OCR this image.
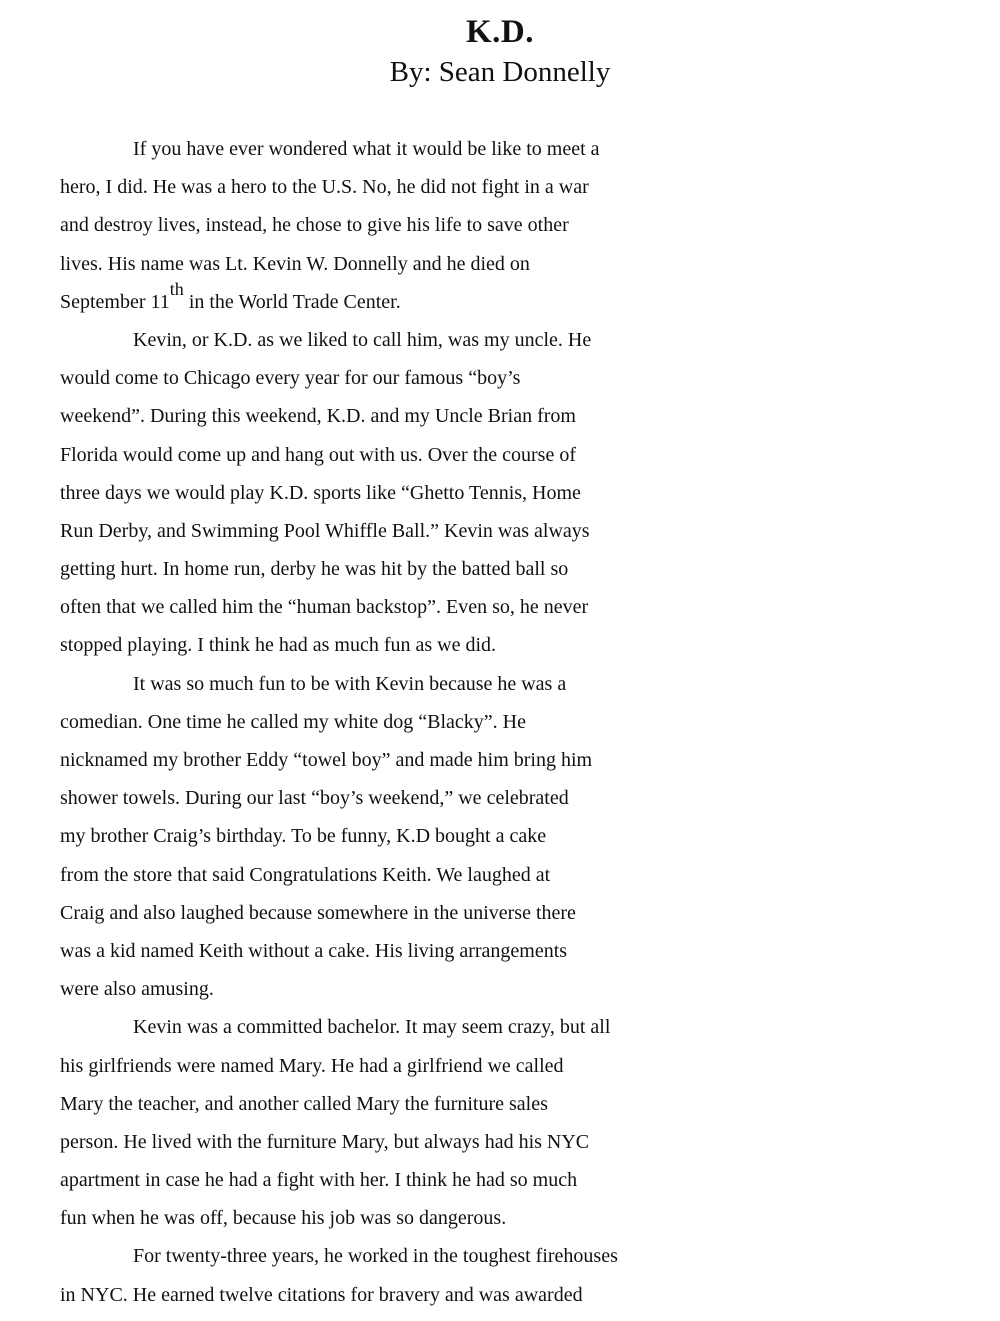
K.D.
By: Sean Donnelly
If you have ever wondered what it would be like to meet a
hero, I did. He was a hero to the U.S. No, he did not fight in a war
and destroy lives, instead, he chose to give his life to save other
lives. His name was Lt. Kevin W. Donnelly and he died on
September 11th in the World Trade Center.
Kevin, or K.D. as we liked to call him, was my uncle. He
would come to Chicago every year for our famous “boy’s
weekend”. During this weekend, K.D. and my Uncle Brian from
Florida would come up and hang out with us. Over the course of
three days we would play K.D. sports like “Ghetto Tennis, Home
Run Derby, and Swimming Pool Whiffle Ball.” Kevin was always
getting hurt. In home run, derby he was hit by the batted ball so
often that we called him the “human backstop”. Even so, he never
stopped playing. I think he had as much fun as we did.
It was so much fun to be with Kevin because he was a
comedian. One time he called my white dog “Blacky”. He
nicknamed my brother Eddy “towel boy” and made him bring him
shower towels. During our last “boy’s weekend,” we celebrated
my brother Craig’s birthday. To be funny, K.D bought a cake
from the store that said Congratulations Keith. We laughed at
Craig and also laughed because somewhere in the universe there
was a kid named Keith without a cake. His living arrangements
were also amusing.
Kevin was a committed bachelor. It may seem crazy, but all
his girlfriends were named Mary. He had a girlfriend we called
Mary the teacher, and another called Mary the furniture sales
person. He lived with the furniture Mary, but always had his NYC
apartment in case he had a fight with her. I think he had so much
fun when he was off, because his job was so dangerous.
For twenty-three years, he worked in the toughest firehouses
in NYC. He earned twelve citations for bravery and was awarded
